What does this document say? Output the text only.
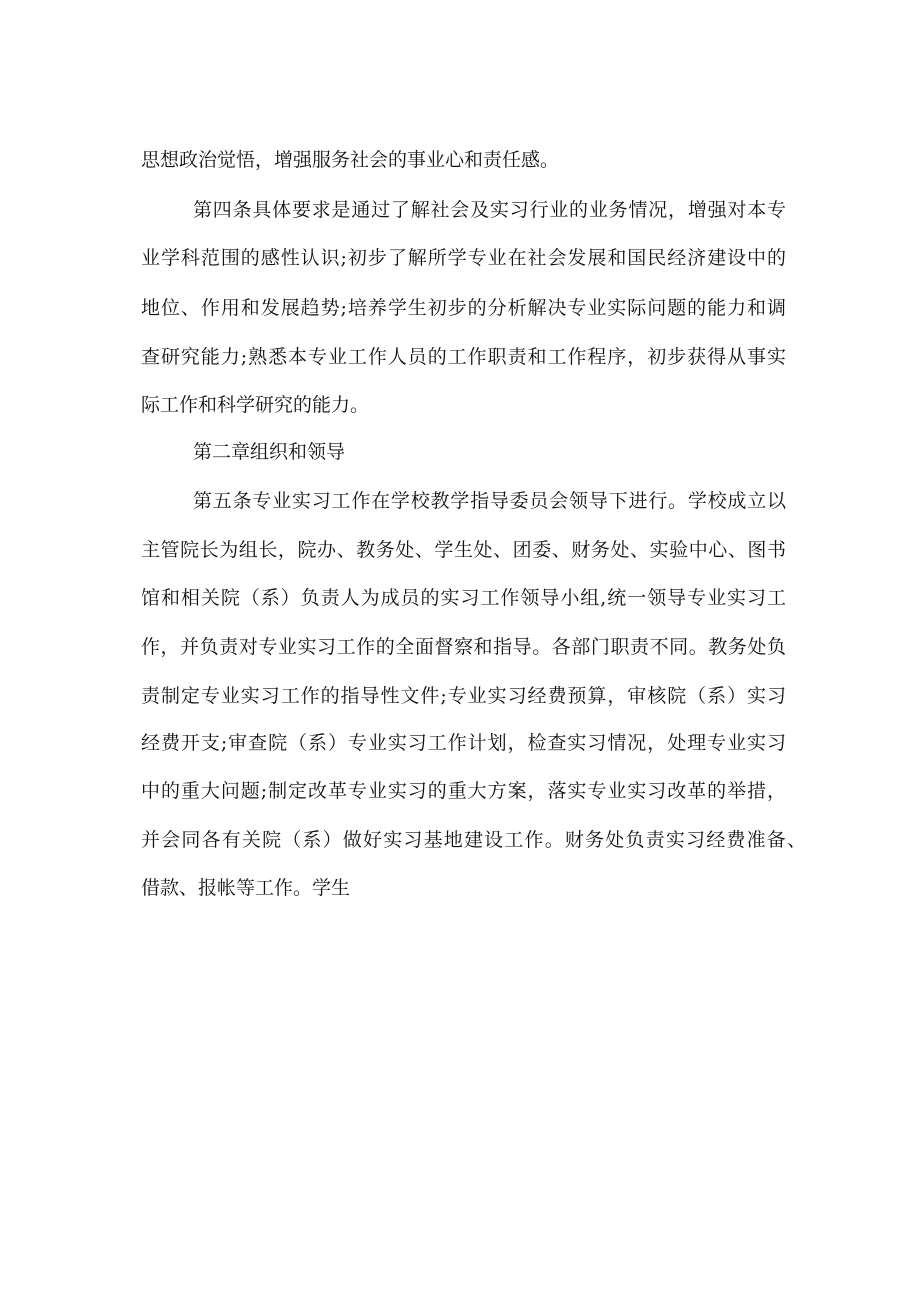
思想政治觉悟，增强服务社会的事业心和责任感。
第四条具体要求是通过了解社会及实习行业的业务情况，增强对本专
业学科范围的感性认识;初步了解所学专业在社会发展和国民经济建设中的
地位、作用和发展趋势;培养学生初步的分析解决专业实际问题的能力和调
查研究能力;熟悉本专业工作人员的工作职责和工作程序，初步获得从事实
际工作和科学研究的能力。
第二章组织和领导
第五条专业实习工作在学校教学指导委员会领导下进行。学校成立以
主管院长为组长，院办、教务处、学生处、团委、财务处、实验中心、图书
馆和相关院（系）负责人为成员的实习工作领导小组,统一领导专业实习工
作，并负责对专业实习工作的全面督察和指导。各部门职责不同。教务处负
责制定专业实习工作的指导性文件;专业实习经费预算，审核院（系）实习
经费开支;审查院（系）专业实习工作计划，检查实习情况，处理专业实习
中的重大问题;制定改革专业实习的重大方案，落实专业实习改革的举措，
并会同各有关院（系）做好实习基地建设工作。财务处负责实习经费准备、
借款、报帐等工作。学生
